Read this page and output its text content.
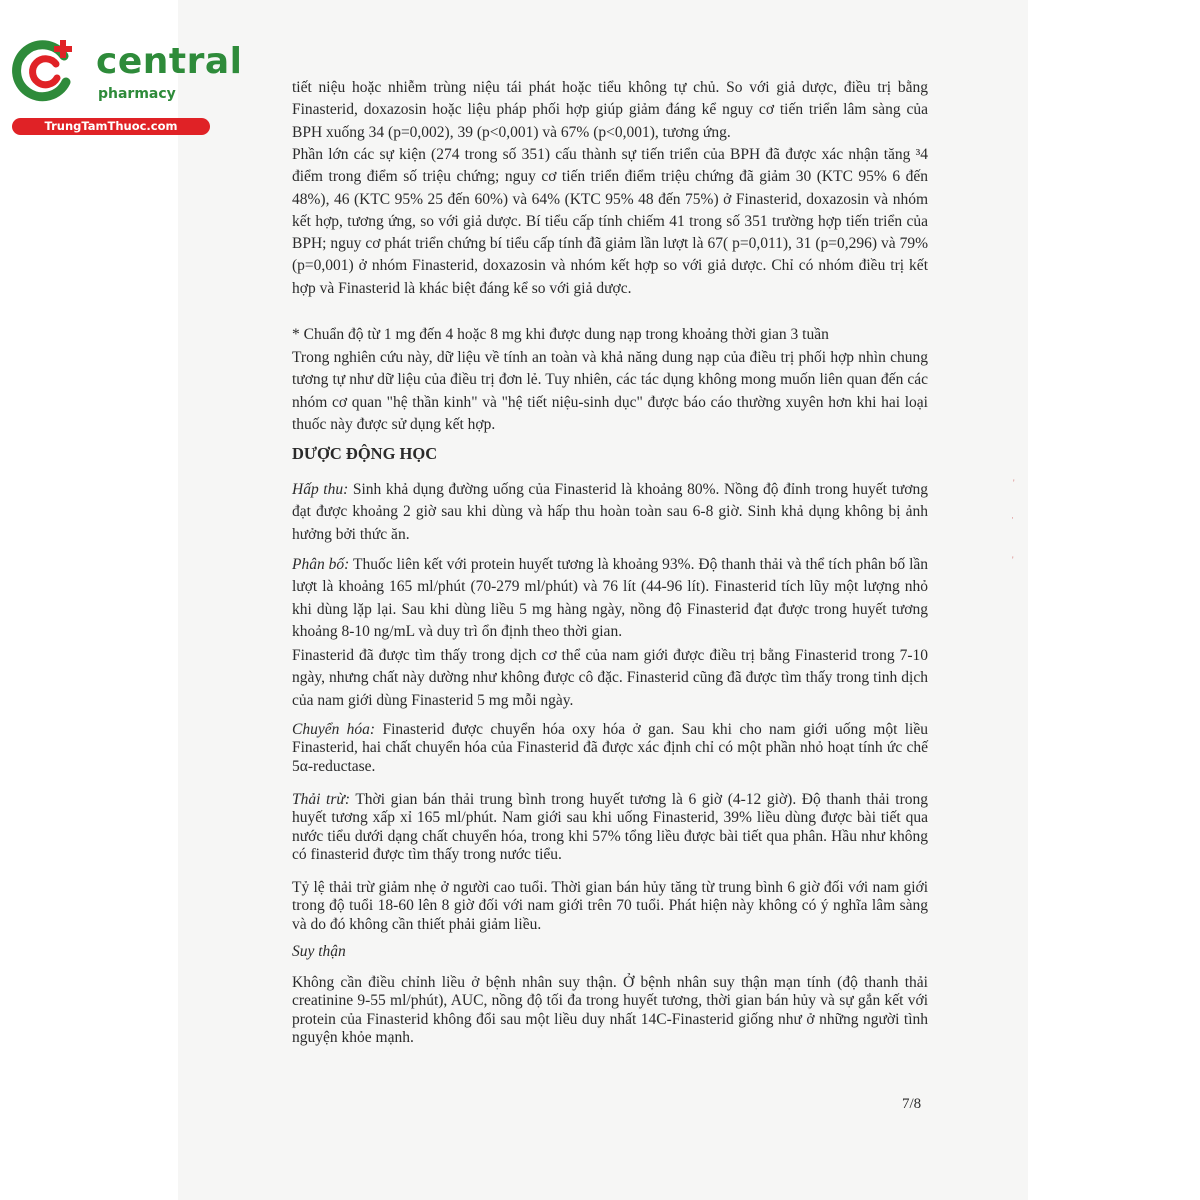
central
pharmacy
TrungTamThuoc.com
tiết niệu hoặc nhiễm trùng niệu tái phát hoặc tiểu không tự chủ. So với giả dược, điều trị bằng Finasterid, doxazosin hoặc liệu pháp phối hợp giúp giảm đáng kể nguy cơ tiến triển lâm sàng của BPH xuống 34 (p=0,002), 39 (p<0,001) và 67% (p<0,001), tương ứng.
Phần lớn các sự kiện (274 trong số 351) cấu thành sự tiến triển của BPH đã được xác nhận tăng ³4 điểm trong điểm số triệu chứng; nguy cơ tiến triển điểm triệu chứng đã giảm 30 (KTC 95% 6 đến 48%), 46 (KTC 95% 25 đến 60%) và 64% (KTC 95% 48 đến 75%) ở Finasterid, doxazosin và nhóm kết hợp, tương ứng, so với giả dược. Bí tiểu cấp tính chiếm 41 trong số 351 trường hợp tiến triển của BPH; nguy cơ phát triển chứng bí tiểu cấp tính đã giảm lần lượt là 67( p=0,011), 31 (p=0,296) và 79% (p=0,001) ở nhóm Finasterid, doxazosin và nhóm kết hợp so với giả dược. Chỉ có nhóm điều trị kết hợp và Finasterid là khác biệt đáng kể so với giả dược.
* Chuẩn độ từ 1 mg đến 4 hoặc 8 mg khi được dung nạp trong khoảng thời gian 3 tuần
Trong nghiên cứu này, dữ liệu về tính an toàn và khả năng dung nạp của điều trị phối hợp nhìn chung tương tự như dữ liệu của điều trị đơn lẻ. Tuy nhiên, các tác dụng không mong muốn liên quan đến các nhóm cơ quan "hệ thần kinh" và "hệ tiết niệu-sinh dục" được báo cáo thường xuyên hơn khi hai loại thuốc này được sử dụng kết hợp.
DƯỢC ĐỘNG HỌC
Hấp thu: Sinh khả dụng đường uống của Finasterid là khoảng 80%. Nồng độ đỉnh trong huyết tương đạt được khoảng 2 giờ sau khi dùng và hấp thu hoàn toàn sau 6-8 giờ. Sinh khả dụng không bị ảnh hưởng bởi thức ăn.
Phân bố: Thuốc liên kết với protein huyết tương là khoảng 93%. Độ thanh thải và thể tích phân bố lần lượt là khoảng 165 ml/phút (70-279 ml/phút) và 76 lít (44-96 lít). Finasterid tích lũy một lượng nhỏ khi dùng lặp lại. Sau khi dùng liều 5 mg hàng ngày, nồng độ Finasterid đạt được trong huyết tương khoảng 8-10 ng/mL và duy trì ổn định theo thời gian.
Finasterid đã được tìm thấy trong dịch cơ thể của nam giới được điều trị bằng Finasterid trong 7-10 ngày, nhưng chất này dường như không được cô đặc. Finasterid cũng đã được tìm thấy trong tinh dịch của nam giới dùng Finasterid 5 mg mỗi ngày.
Chuyển hóa: Finasterid được chuyển hóa oxy hóa ở gan. Sau khi cho nam giới uống một liều Finasterid, hai chất chuyển hóa của Finasterid đã được xác định chỉ có một phần nhỏ hoạt tính ức chế 5α-reductase.
Thải trừ: Thời gian bán thải trung bình trong huyết tương là 6 giờ (4-12 giờ). Độ thanh thải trong huyết tương xấp xỉ 165 ml/phút. Nam giới sau khi uống Finasterid, 39% liều dùng được bài tiết qua nước tiểu dưới dạng chất chuyển hóa, trong khi 57% tổng liều được bài tiết qua phân. Hầu như không có finasterid được tìm thấy trong nước tiểu.
Tỷ lệ thải trừ giảm nhẹ ở người cao tuổi. Thời gian bán hủy tăng từ trung bình 6 giờ đối với nam giới trong độ tuổi 18-60 lên 8 giờ đối với nam giới trên 70 tuổi. Phát hiện này không có ý nghĩa lâm sàng và do đó không cần thiết phải giảm liều.
Suy thận
Không cần điều chỉnh liều ở bệnh nhân suy thận. Ở bệnh nhân suy thận mạn tính (độ thanh thải creatinine 9-55 ml/phút), AUC, nồng độ tối đa trong huyết tương, thời gian bán hủy và sự gắn kết với protein của Finasterid không đổi sau một liều duy nhất 14C-Finasterid giống như ở những người tình nguyện khỏe mạnh.
7/8
'
·
'
